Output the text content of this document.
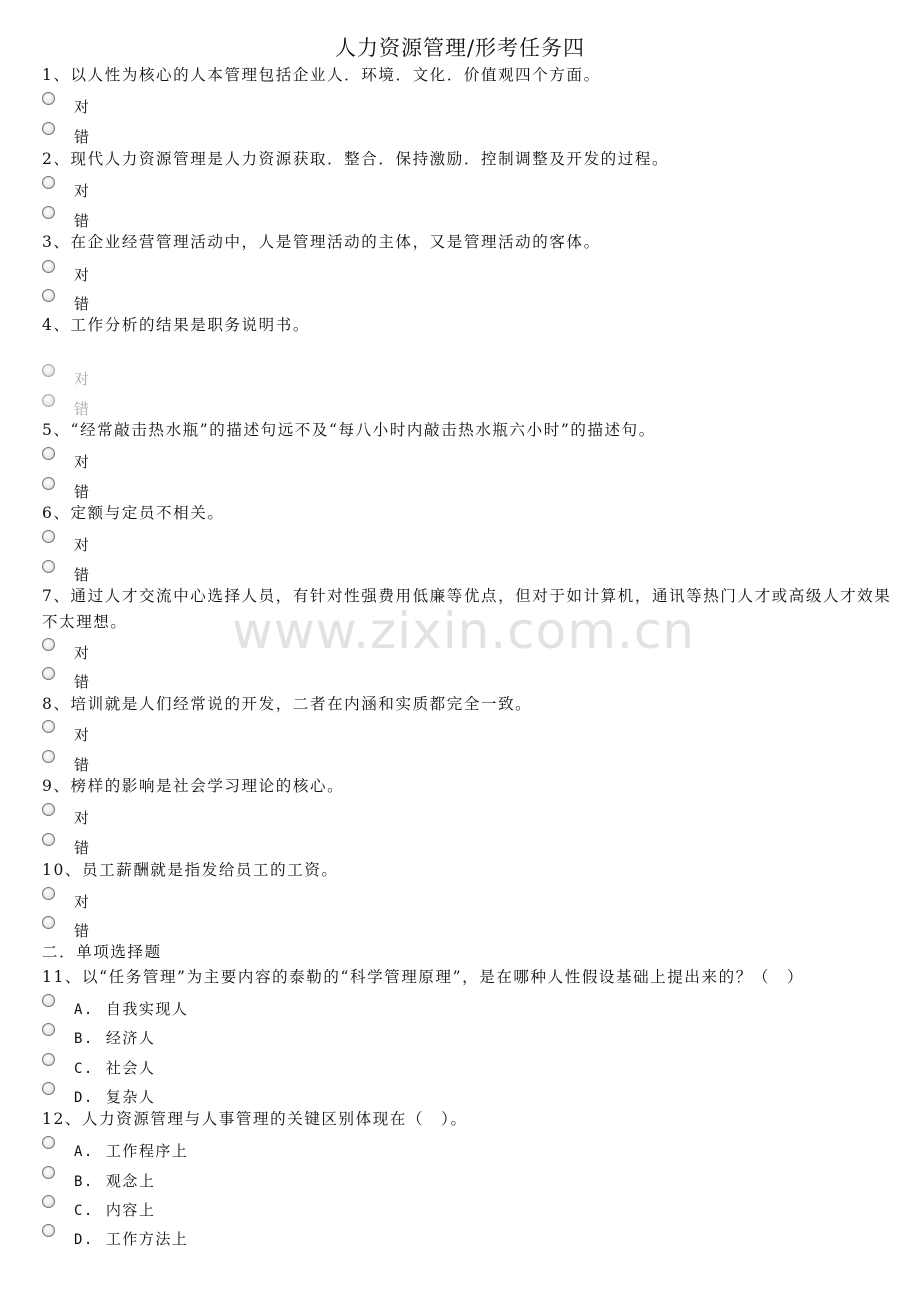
人力资源管理/形考任务四
www.zixin.com.cn
1、以人性为核心的人本管理包括企业人．环境．文化．价值观四个方面。
对
错
2、现代人力资源管理是人力资源获取．整合．保持激励．控制调整及开发的过程。
对
错
3、在企业经营管理活动中，人是管理活动的主体，又是管理活动的客体。
对
错
4、工作分析的结果是职务说明书。
对
错
5、“经常敲击热水瓶”的描述句远不及“每八小时内敲击热水瓶六小时”的描述句。
对
错
6、定额与定员不相关。
对
错
7、通过人才交流中心选择人员，有针对性强费用低廉等优点，但对于如计算机，通讯等热门人才或高级人才效果不太理想。
对
错
8、培训就是人们经常说的开发，二者在内涵和实质都完全一致。
对
错
9、榜样的影响是社会学习理论的核心。
对
错
10、员工薪酬就是指发给员工的工资。
对
错
二．单项选择题
11、以“任务管理”为主要内容的泰勒的“科学管理原理”，是在哪种人性假设基础上提出来的？（　）
A. 自我实现人
B. 经济人
C. 社会人
D. 复杂人
12、人力资源管理与人事管理的关键区别体现在（　）。
A. 工作程序上
B. 观念上
C. 内容上
D. 工作方法上
